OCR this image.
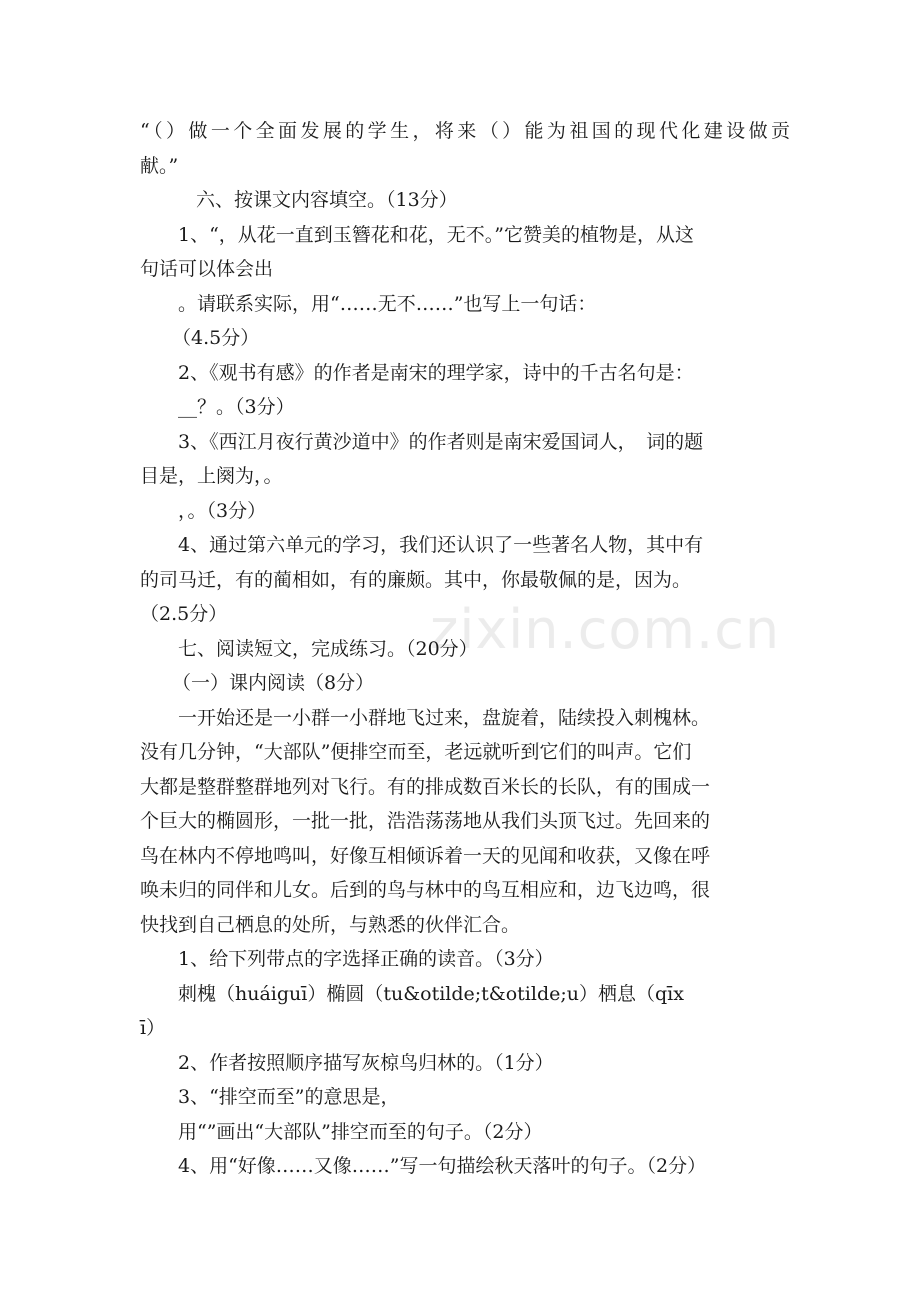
zixin.com.cn
“（）做一个全面发展的学生，将来（）能为祖国的现代化建设做贡
献。”
六、按课文内容填空。（13分）
1、“，从花一直到玉簪花和花，无不。”它赞美的植物是，从这
句话可以体会出
。请联系实际，用“……无不……”也写上一句话：
（4.5分）
2、《观书有感》的作者是南宋的理学家，诗中的千古名句是：
__？。（3分）
3、《西江月夜行黄沙道中》的作者则是南宋爱国词人，　词的题
目是，上阕为，。
，。（3分）
4、通过第六单元的学习，我们还认识了一些著名人物，其中有
的司马迁，有的蔺相如，有的廉颇。其中，你最敬佩的是，因为。
（2.5分）
七、阅读短文，完成练习。（20分）
（一）课内阅读（8分）
一开始还是一小群一小群地飞过来，盘旋着，陆续投入刺槐林。
没有几分钟，“大部队”便排空而至，老远就听到它们的叫声。它们
大都是整群整群地列对飞行。有的排成数百米长的长队，有的围成一
个巨大的椭圆形，一批一批，浩浩荡荡地从我们头顶飞过。先回来的
鸟在林内不停地鸣叫，好像互相倾诉着一天的见闻和收获，又像在呼
唤未归的同伴和儿女。后到的鸟与林中的鸟互相应和，边飞边鸣，很
快找到自己栖息的处所，与熟悉的伙伴汇合。
1、给下列带点的字选择正确的读音。（3分）
刺槐（huáiguī）椭圆（tu&otilde;t&otilde;u）栖息（qīx
ī）
2、作者按照顺序描写灰椋鸟归林的。（1分）
3、“排空而至”的意思是，
用“”画出“大部队”排空而至的句子。（2分）
4、用“好像……又像……”写一句描绘秋天落叶的句子。（2分）
